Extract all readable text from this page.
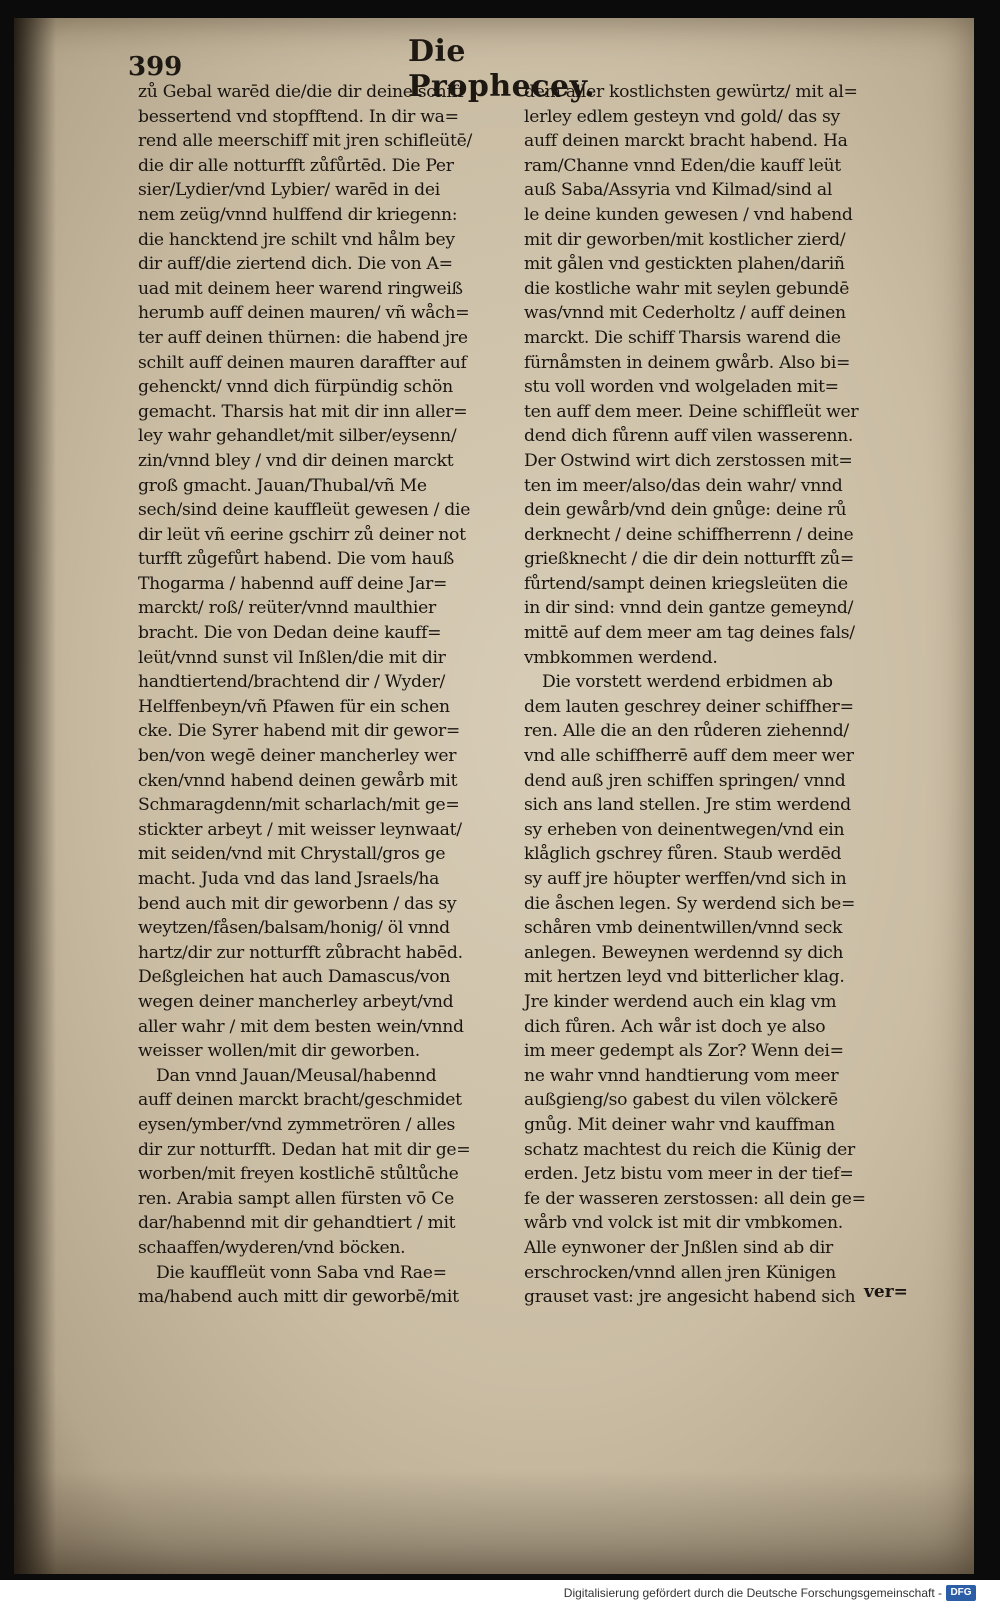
399	Die Prophecey.
zů Gebal warēd die/die dir deine schiff
bessertend vnd stopfftend. In dir wa=
rend alle meerschiff mit jren schifleütē/
die dir alle notturfft zůfůrtēd. Die Per
sier/Lydier/vnd Lybier/ warēd in dei
nem zeüg/vnnd hulffend dir kriegenn:
die hancktend jre schilt vnd hålm bey
dir auff/die ziertend dich. Die von A=
uad mit deinem heer warend ringweiß
herumb auff deinen mauren/ vñ wåch=
ter auff deinen thürnen: die habend jre
schilt auff deinen mauren daraffter auf
gehenckt/ vnnd dich fürpündig schön
gemacht. Tharsis hat mit dir inn aller=
ley wahr gehandlet/mit silber/eysenn/
zin/vnnd bley / vnd dir deinen marckt
groß gmacht. Jauan/Thubal/vñ Me
sech/sind deine kauffleüt gewesen / die
dir leüt vñ eerine gschirr zů deiner not
turfft zůgefůrt habend. Die vom hauß
Thogarma / habennd auff deine Jar=
marckt/ roß/ reüter/vnnd maulthier
bracht. Die von Dedan deine kauff=
leüt/vnnd sunst vil Inßlen/die mit dir
handtiertend/brachtend dir / Wyder/
Helffenbeyn/vñ Pfawen für ein schen
cke. Die Syrer habend mit dir gewor=
ben/von wegē deiner mancherley wer
cken/vnnd habend deinen gewårb mit
Schmaragdenn/mit scharlach/mit ge=
stickter arbeyt / mit weisser leynwaat/
mit seiden/vnd mit Chrystall/gros ge
macht. Juda vnd das land Jsraels/ha
bend auch mit dir geworbenn / das sy
weytzen/fåsen/balsam/honig/ öl vnnd
hartz/dir zur notturfft zůbracht habēd.
Deßgleichen hat auch Damascus/von
wegen deiner mancherley arbeyt/vnd
aller wahr / mit dem besten wein/vnnd
weisser wollen/mit dir geworben.
Dan vnnd Jauan/Meusal/habennd
auff deinen marckt bracht/geschmidet
eysen/ymber/vnd zymmetrören / alles
dir zur notturfft. Dedan hat mit dir ge=
worben/mit freyen kostlichē stůltůche
ren. Arabia sampt allen fürsten vō Ce
dar/habennd mit dir gehandtiert / mit
schaaffen/wyderen/vnd böcken.
Die kauffleüt vonn Saba vnd Rae=
ma/habend auch mitt dir geworbē/mit
dem aller kostlichsten gewürtz/ mit al=
lerley edlem gesteyn vnd gold/ das sy
auff deinen marckt bracht habend. Ha
ram/Channe vnnd Eden/die kauff leüt
auß Saba/Assyria vnd Kilmad/sind al
le deine kunden gewesen / vnd habend
mit dir geworben/mit kostlicher zierd/
mit gålen vnd gestickten plahen/dariñ
die kostliche wahr mit seylen gebundē
was/vnnd mit Cederholtz / auff deinen
marckt. Die schiff Tharsis warend die
fürnåmsten in deinem gwårb. Also bi=
stu voll worden vnd wolgeladen mit=
ten auff dem meer. Deine schiffleüt wer
dend dich fůrenn auff vilen wasserenn.
Der Ostwind wirt dich zerstossen mit=
ten im meer/also/das dein wahr/ vnnd
dein gewårb/vnd dein gnůge: deine rů
derknecht / deine schiffherrenn / deine
grießknecht / die dir dein notturfft zů=
fůrtend/sampt deinen kriegsleüten die
in dir sind: vnnd dein gantze gemeynd/
mittē auf dem meer am tag deines fals/
vmbkommen werdend.
Die vorstett werdend erbidmen ab
dem lauten geschrey deiner schiffher=
ren. Alle die an den růderen ziehennd/
vnd alle schiffherrē auff dem meer wer
dend auß jren schiffen springen/ vnnd
sich ans land stellen. Jre stim werdend
sy erheben von deinentwegen/vnd ein
klåglich gschrey fůren. Staub werdēd
sy auff jre höupter werffen/vnd sich in
die åschen legen. Sy werdend sich be=
schåren vmb deinentwillen/vnnd seck
anlegen. Beweynen werdennd sy dich
mit hertzen leyd vnd bitterlicher klag.
Jre kinder werdend auch ein klag vm
dich fůren. Ach wår ist doch ye also
im meer gedempt als Zor? Wenn dei=
ne wahr vnnd handtierung vom meer
außgieng/so gabest du vilen völckerē
gnůg. Mit deiner wahr vnd kauffman
schatz machtest du reich die Künig der
erden. Jetz bistu vom meer in der tief=
fe der wasseren zerstossen: all dein ge=
wårb vnd volck ist mit dir vmbkomen.
Alle eynwoner der Jnßlen sind ab dir
erschrocken/vnnd allen jren Künigen
grauset vast: jre angesicht habend sich ver=
Digitalisierung gefördert durch die Deutsche Forschungsgemeinschaft - DFG
